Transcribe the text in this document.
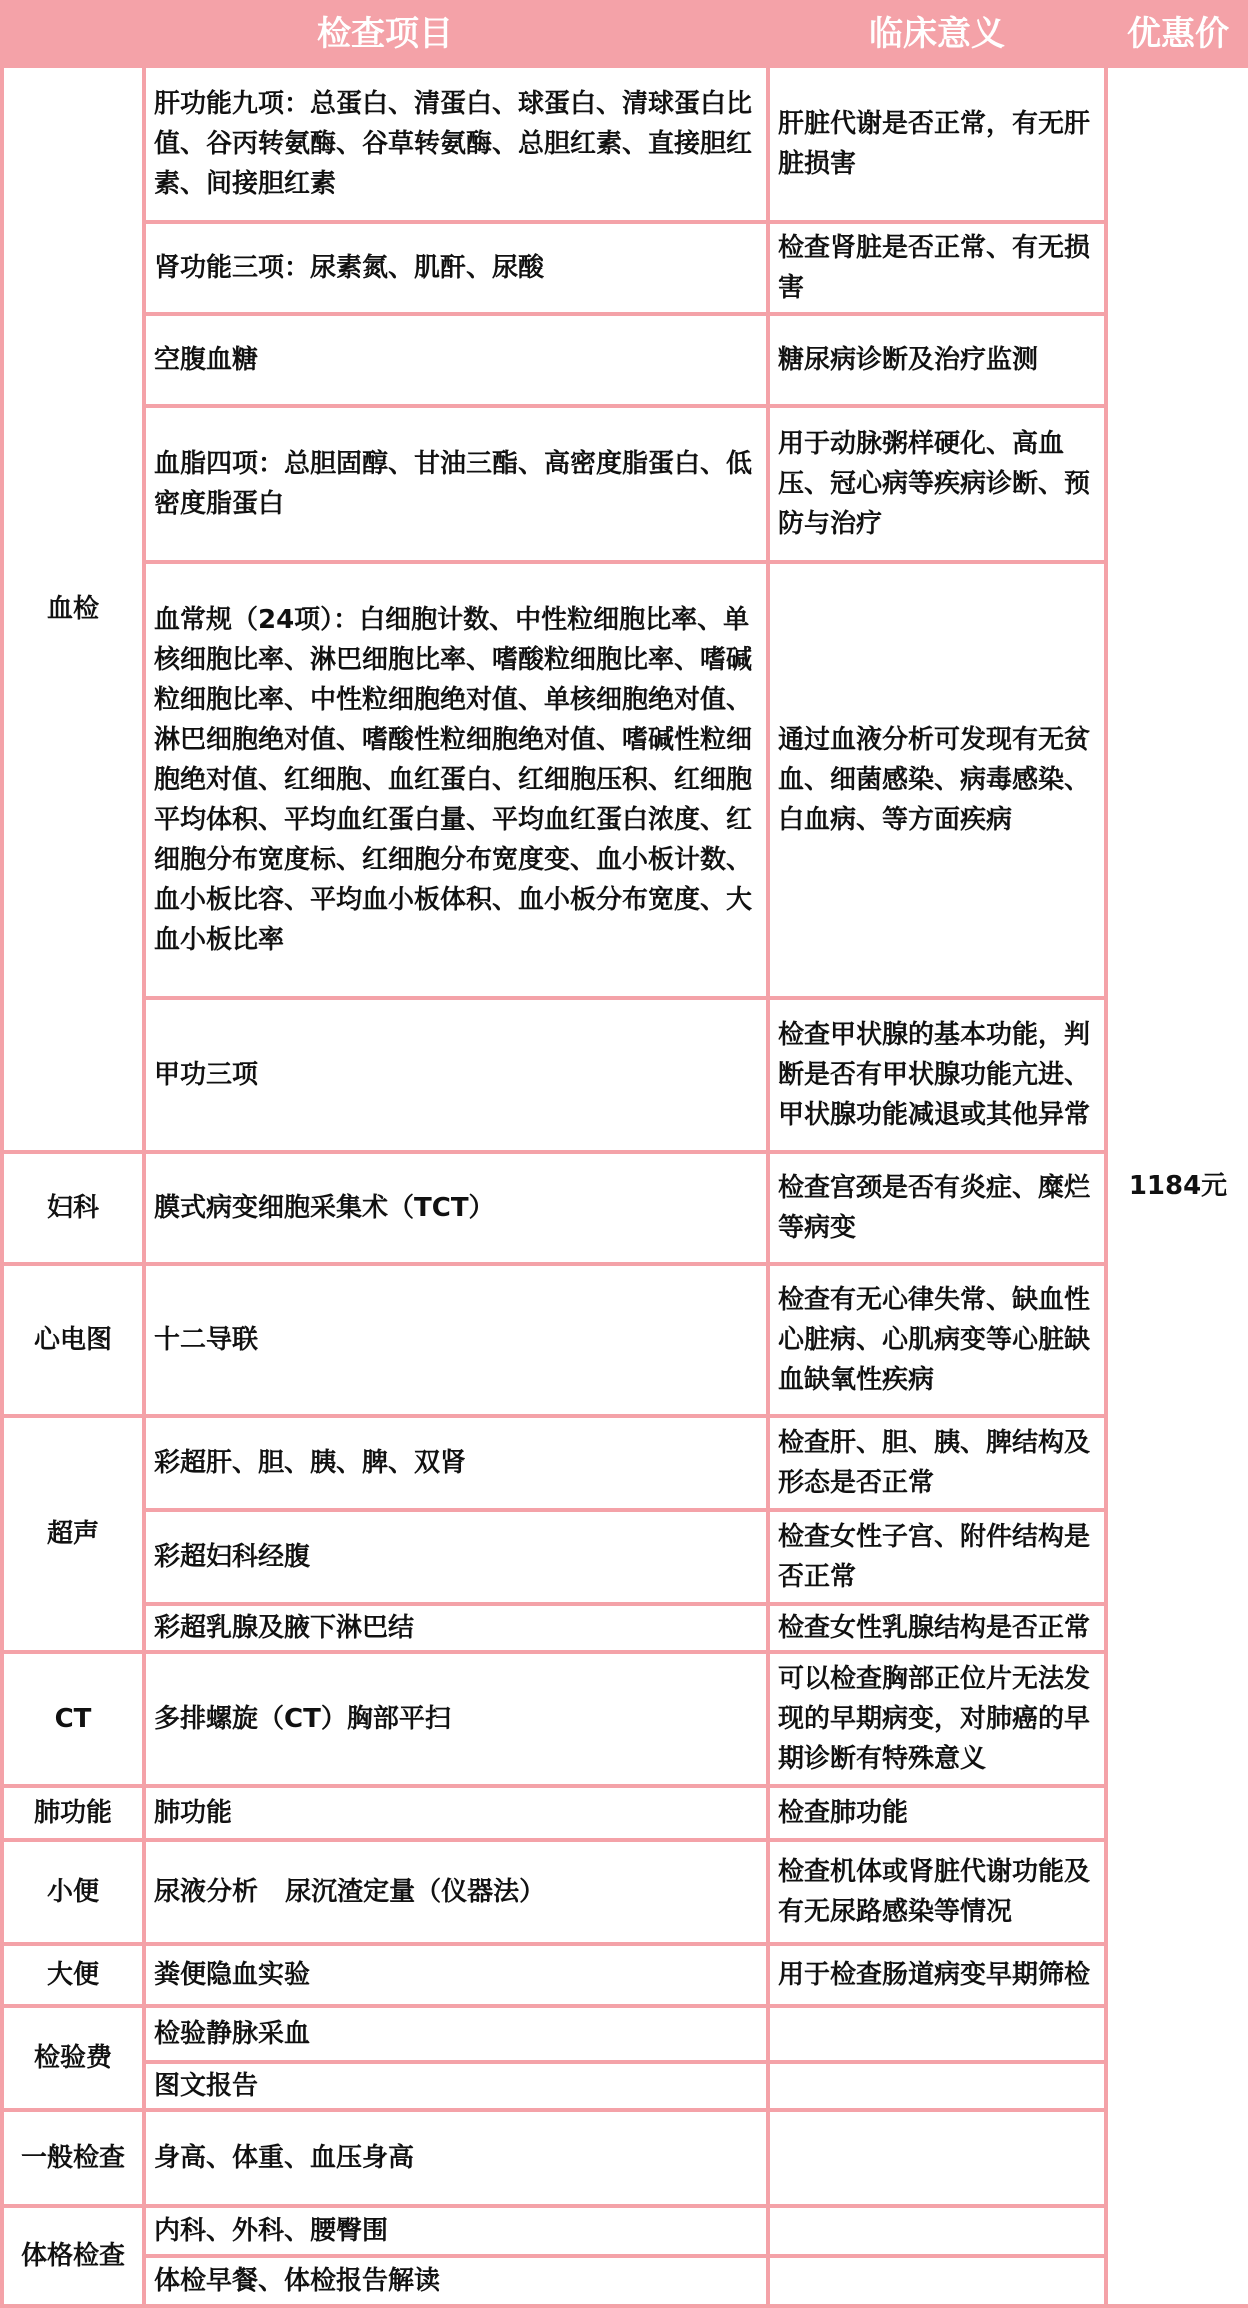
检查项目		临床意义	优惠价
血检	肝功能九项：总蛋白、清蛋白、球蛋白、清球蛋白比值、谷丙转氨酶、谷草转氨酶、总胆红素、直接胆红素、间接胆红素	肝脏代谢是否正常，有无肝脏损害	1184元
	肾功能三项：尿素氮、肌酐、尿酸	检查肾脏是否正常、有无损害	
	空腹血糖	糖尿病诊断及治疗监测	
	血脂四项：总胆固醇、甘油三酯、高密度脂蛋白、低密度脂蛋白	用于动脉粥样硬化、高血压、冠心病等疾病诊断、预防与治疗	
	血常规（24项）：白细胞计数、中性粒细胞比率、单核细胞比率、淋巴细胞比率、嗜酸粒细胞比率、嗜碱粒细胞比率、中性粒细胞绝对值、单核细胞绝对值、淋巴细胞绝对值、嗜酸性粒细胞绝对值、嗜碱性粒细胞绝对值、红细胞、血红蛋白、红细胞压积、红细胞平均体积、平均血红蛋白量、平均血红蛋白浓度、红细胞分布宽度标、红细胞分布宽度变、血小板计数、血小板比容、平均血小板体积、血小板分布宽度、大血小板比率	通过血液分析可发现有无贫血、细菌感染、病毒感染、白血病、等方面疾病	
	甲功三项	检查甲状腺的基本功能，判断是否有甲状腺功能亢进、甲状腺功能减退或其他异常	
妇科	膜式病变细胞采集术（TCT）	检查宫颈是否有炎症、糜烂等病变	
心电图	十二导联	检查有无心律失常、缺血性心脏病、心肌病变等心脏缺血缺氧性疾病	
超声	彩超肝、胆、胰、脾、双肾	检查肝、胆、胰、脾结构及形态是否正常	
	彩超妇科经腹	检查女性子宫、附件结构是否正常	
	彩超乳腺及腋下淋巴结	检查女性乳腺结构是否正常	
CT	多排螺旋（CT）胸部平扫	可以检查胸部正位片无法发现的早期病变，对肺癌的早期诊断有特殊意义	
肺功能	肺功能	检查肺功能	
小便	尿液分析   尿沉渣定量（仪器法）	检查机体或肾脏代谢功能及有无尿路感染等情况	
大便	粪便隐血实验	用于检查肠道病变早期筛检	
检验费	检验静脉采血		
	图文报告		
一般检查	身高、体重、血压身高		
体格检查	内科、外科、腰臀围		
	体检早餐、体检报告解读		
